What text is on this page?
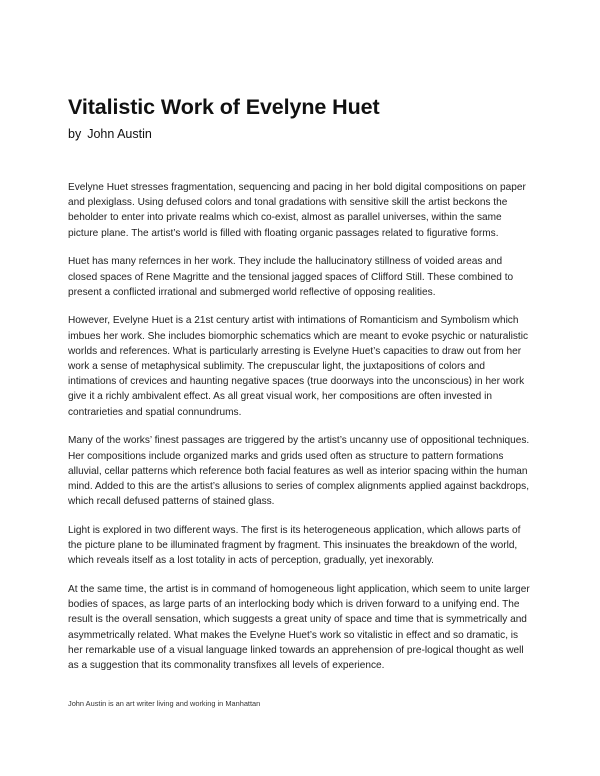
Vitalistic Work of Evelyne Huet

by John Austin

Evelyne Huet stresses fragmentation, sequencing and pacing in her bold digital compositions on paper and plexiglass. Using defused colors and tonal gradations with sensitive skill the artist beckons the beholder to enter into private realms which co-exist, almost as parallel universes, within the same picture plane. The artist’s world is filled with floating organic passages related to figurative forms.

Huet has many refernces in her work. They include the hallucinatory stillness of voided areas and closed spaces of Rene Magritte and the tensional jagged spaces of Clifford Still. These combined to present a conflicted irrational and submerged world reflective of opposing realities.

However, Evelyne Huet is a 21st century artist with intimations of Romanticism and Symbolism which imbues her work. She includes biomorphic schematics which are meant to evoke psychic or naturalistic worlds and references. What is particularly arresting is Evelyne Huet’s capacities to draw out from her work a sense of metaphysical sublimity. The crepuscular light, the juxtapositions of colors and intimations of crevices and haunting negative spaces (true doorways into the unconscious) in her work give it a richly ambivalent effect. As all great visual work, her compositions are often invested in contrarieties and spatial connundrums.

Many of the works’ finest passages are triggered by the artist’s uncanny use of oppositional techniques. Her compositions include organized marks and grids used often as structure to pattern formations alluvial, cellar patterns which reference both facial features as well as interior spacing within the human mind. Added to this are the artist’s allusions to series of complex alignments applied against backdrops, which recall defused patterns of stained glass.

Light is explored in two different ways. The first is its heterogeneous application, which allows parts of the picture plane to be illuminated fragment by fragment. This insinuates the breakdown of the world, which reveals itself as a lost totality in acts of perception, gradually, yet inexorably.

At the same time, the artist is in command of homogeneous light application, which seem to unite larger bodies of spaces, as large parts of an interlocking body which is driven forward to a unifying end. The result is the overall sensation, which suggests a great unity of space and time that is symmetrically and asymmetrically related. What makes the Evelyne Huet’s work so vitalistic in effect and so dramatic, is her remarkable use of a visual language linked towards an apprehension of pre-logical thought as well as a suggestion that its commonality transfixes all levels of experience.

John Austin is an art writer living and working in Manhattan
